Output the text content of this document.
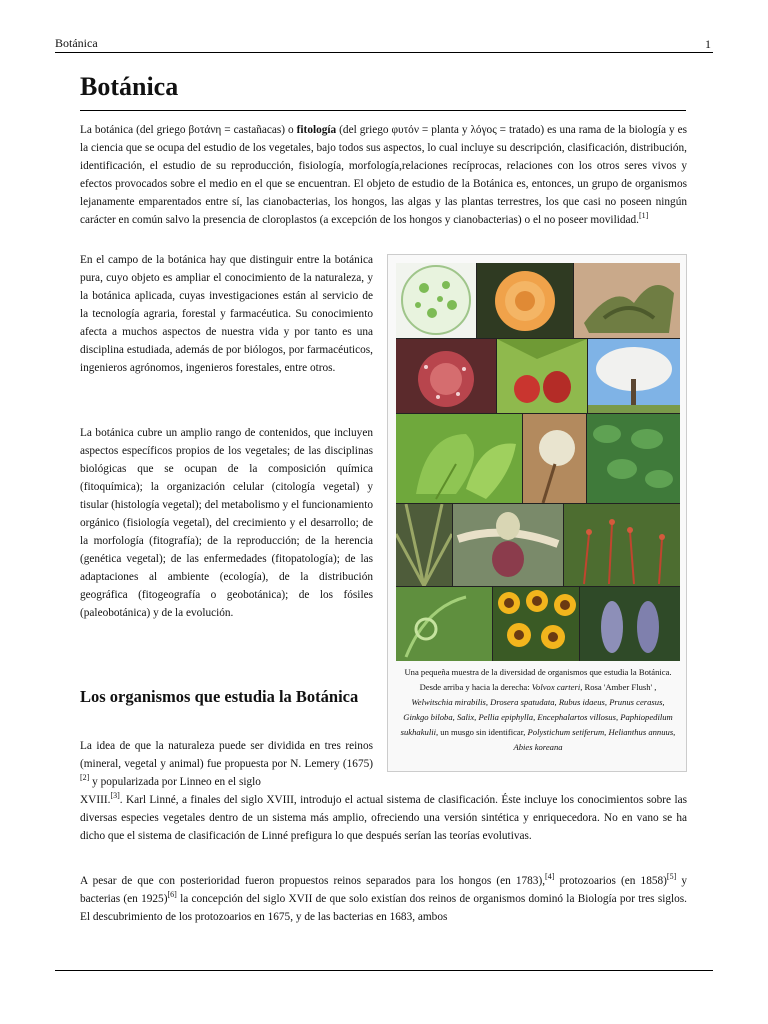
Botánica	1
Botánica

La botánica (del griego βοτάνη = castañacas) o fitología (del griego φυτόν = planta y λόγος = tratado) es una rama de la biología y es la ciencia que se ocupa del estudio de los vegetales, bajo todos sus aspectos, lo cual incluye su descripción, clasificación, distribución, identificación, el estudio de su reproducción, fisiología, morfología,relaciones recíprocas, relaciones con los otros seres vivos y efectos provocados sobre el medio en el que se encuentran. El objeto de estudio de la Botánica es, entonces, un grupo de organismos lejanamente emparentados entre sí, las cianobacterias, los hongos, las algas y las plantas terrestres, los que casi no poseen ningún carácter en común salvo la presencia de cloroplastos (a excepción de los hongos y cianobacterias) o el no poseer movilidad.[1]

En el campo de la botánica hay que distinguir entre la botánica pura, cuyo objeto es ampliar el conocimiento de la naturaleza, y la botánica aplicada, cuyas investigaciones están al servicio de la tecnología agraria, forestal y farmacéutica. Su conocimiento afecta a muchos aspectos de nuestra vida y por tanto es una disciplina estudiada, además de por biólogos, por farmacéuticos, ingenieros agrónomos, ingenieros forestales, entre otros.

La botánica cubre un amplio rango de contenidos, que incluyen aspectos específicos propios de los vegetales; de las disciplinas biológicas que se ocupan de la composición química (fitoquímica); la organización celular (citología vegetal) y tisular (histología vegetal); del metabolismo y el funcionamiento orgánico (fisiología vegetal), del crecimiento y el desarrollo; de la morfología (fitografía); de la reproducción; de la herencia (genética vegetal); de las enfermedades (fitopatología); de las adaptaciones al ambiente (ecología), de la distribución geográfica (fitogeografía o geobotánica); de los fósiles (paleobotánica) y de la evolución.

Los organismos que estudia la Botánica

La idea de que la naturaleza puede ser dividida en tres reinos (mineral, vegetal y animal) fue propuesta por N. Lemery (1675)[2] y popularizada por Linneo en el siglo

XVIII.[3]. Karl Linné, a finales del siglo XVIII, introdujo el actual sistema de clasificación. Éste incluye los conocimientos sobre las diversas especies vegetales dentro de un sistema más amplio, ofreciendo una versión sintética y enriquecedora. No en vano se ha dicho que el sistema de clasificación de Linné prefigura lo que después serían las teorías evolutivas.

A pesar de que con posterioridad fueron propuestos reinos separados para los hongos (en 1783),[4] protozoarios (en 1858)[5] y bacterias (en 1925)[6] la concepción del siglo XVII de que solo existían dos reinos de organismos dominó la Biología por tres siglos. El descubrimiento de los protozoarios en 1675, y de las bacterias en 1683, ambos

Una pequeña muestra de la diversidad de organismos que estudia la Botánica. Desde arriba y hacia la derecha: Volvox carteri, Rosa 'Amber Flush' , Welwitschia mirabilis, Drosera spatudata, Rubus idaeus, Prunus cerasus, Ginkgo biloba, Salix, Pellia epiphylla, Encephalartos villosus, Paphiopedilum sukhakulii, un musgo sin identificar, Polystichum setiferum, Helianthus annuus, Abies koreana
